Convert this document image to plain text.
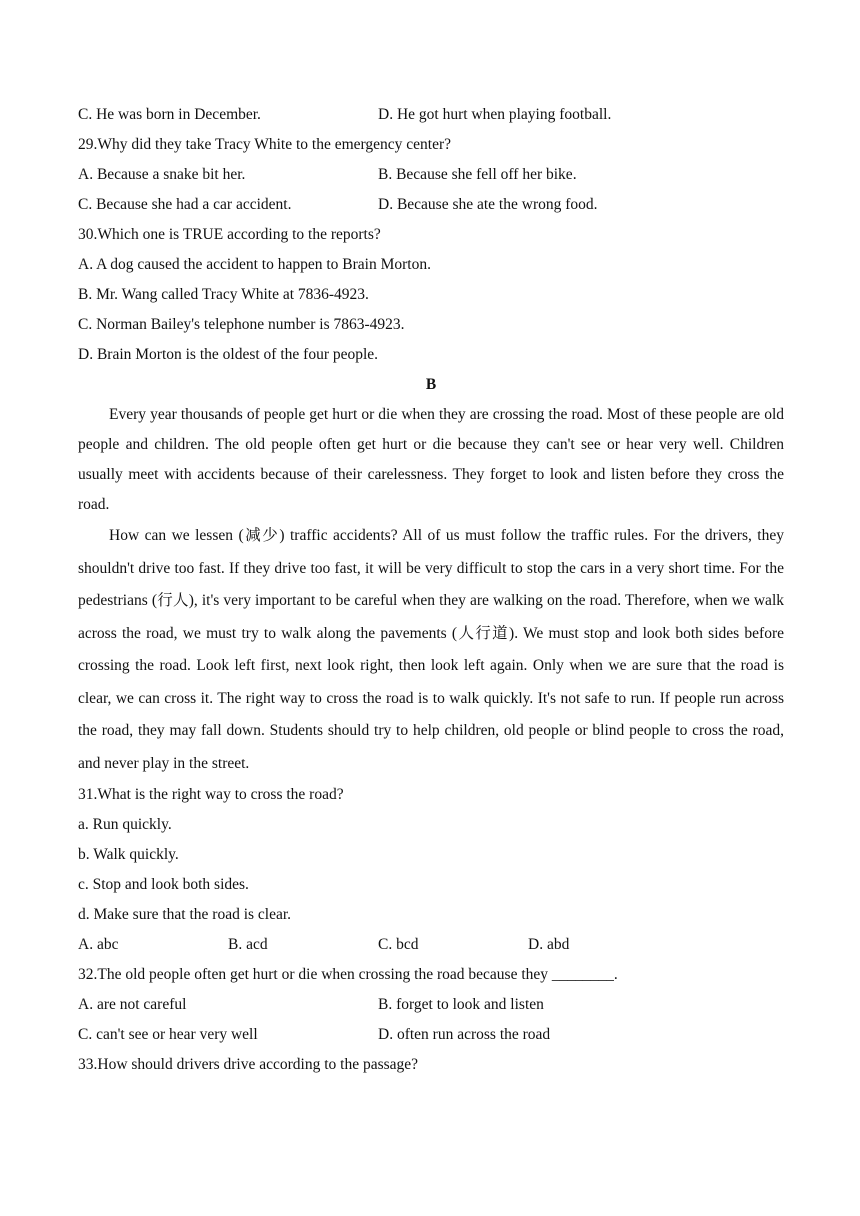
C. He was born in December.	D. He got hurt when playing football.
29.Why did they take Tracy White to the emergency center?
A. Because a snake bit her.	B. Because she fell off her bike.
C. Because she had a car accident.	D. Because she ate the wrong food.
30.Which one is TRUE according to the reports?
A. A dog caused the accident to happen to Brain Morton.
B. Mr. Wang called Tracy White at 7836-4923.
C. Norman Bailey's telephone number is 7863-4923.
D. Brain Morton is the oldest of the four people.
B

Every year thousands of people get hurt or die when they are crossing the road. Most of these people are old people and children. The old people often get hurt or die because they can't see or hear very well. Children usually meet with accidents because of their carelessness. They forget to look and listen before they cross the road.

How can we lessen (减少) traffic accidents? All of us must follow the traffic rules. For the drivers, they shouldn't drive too fast. If they drive too fast, it will be very difficult to stop the cars in a very short time. For the pedestrians (行人), it's very important to be careful when they are walking on the road. Therefore, when we walk across the road, we must try to walk along the pavements (人行道). We must stop and look both sides before crossing the road. Look left first, next look right, then look left again. Only when we are sure that the road is clear, we can cross it. The right way to cross the road is to walk quickly. It's not safe to run. If people run across the road, they may fall down. Students should try to help children, old people or blind people to cross the road, and never play in the street.

31.What is the right way to cross the road?
a. Run quickly.
b. Walk quickly.
c. Stop and look both sides.
d. Make sure that the road is clear.
A. abc	B. acd	C. bcd	D. abd
32.The old people often get hurt or die when crossing the road because they ________.
A. are not careful	B. forget to look and listen
C. can't see or hear very well	D. often run across the road
33.How should drivers drive according to the passage?
